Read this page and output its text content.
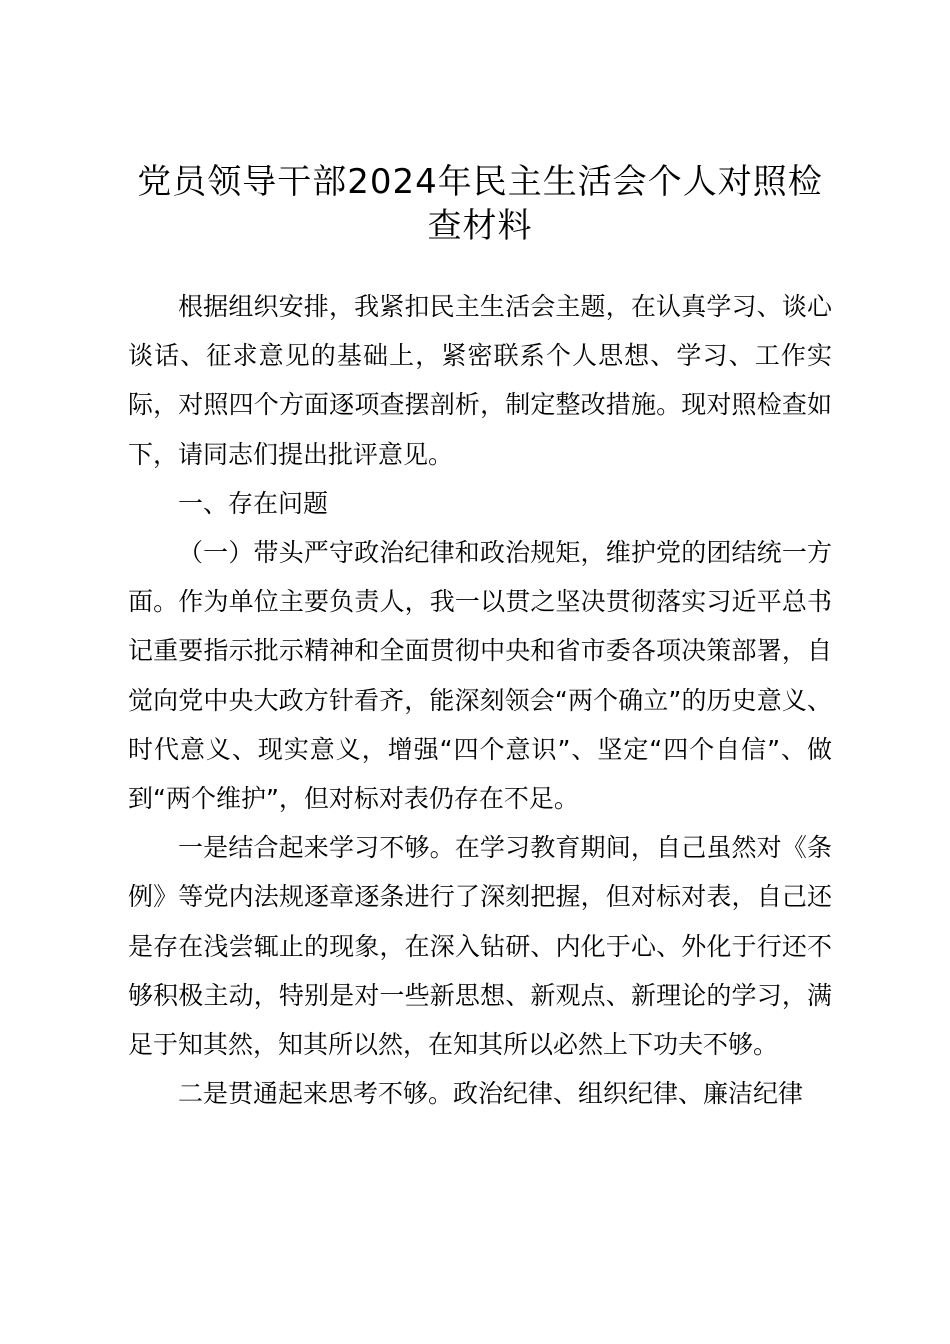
党员领导干部2024年民主生活会个人对照检查材料

根据组织安排，我紧扣民主生活会主题，在认真学习、谈心谈话、征求意见的基础上，紧密联系个人思想、学习、工作实际，对照四个方面逐项查摆剖析，制定整改措施。现对照检查如下，请同志们提出批评意见。

一、存在问题

（一）带头严守政治纪律和政治规矩，维护党的团结统一方面。作为单位主要负责人，我一以贯之坚决贯彻落实习近平总书记重要指示批示精神和全面贯彻中央和省市委各项决策部署，自觉向党中央大政方针看齐，能深刻领会“两个确立”的历史意义、时代意义、现实意义，增强“四个意识”、坚定“四个自信”、做到“两个维护”，但对标对表仍存在不足。

一是结合起来学习不够。在学习教育期间，自己虽然对《条例》等党内法规逐章逐条进行了深刻把握，但对标对表，自己还是存在浅尝辄止的现象，在深入钻研、内化于心、外化于行还不够积极主动，特别是对一些新思想、新观点、新理论的学习，满足于知其然，知其所以然，在知其所以必然上下功夫不够。

二是贯通起来思考不够。政治纪律、组织纪律、廉洁纪律
